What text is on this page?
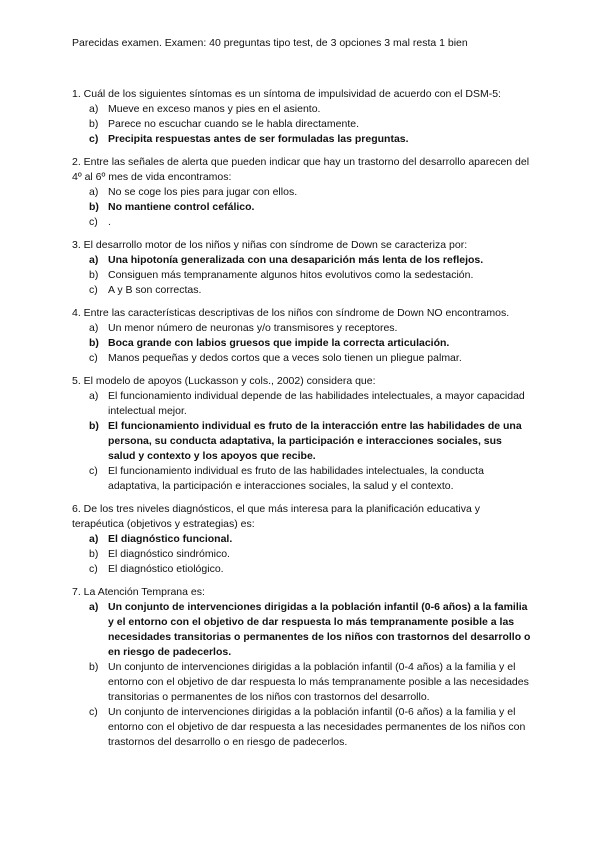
Parecidas examen. Examen: 40 preguntas tipo test, de 3 opciones 3 mal resta 1 bien

1. Cuál de los siguientes síntomas es un síntoma de impulsividad de acuerdo con el DSM-5:

a) Mueve en exceso manos y pies en el asiento.
b) Parece no escuchar cuando se le habla directamente.
c) Precipita respuestas antes de ser formuladas las preguntas.

2. Entre las señales de alerta que pueden indicar que hay un trastorno del desarrollo aparecen del 4º al 6º mes de vida encontramos:

a) No se coge los pies para jugar con ellos.
b) No mantiene control cefálico.
c) .

3. El desarrollo motor de los niños y niñas con síndrome de Down se caracteriza por:

a) Una hipotonía generalizada con una desaparición más lenta de los reflejos.
b) Consiguen más tempranamente algunos hitos evolutivos como la sedestación.
c) A y B son correctas.

4. Entre las características descriptivas de los niños con síndrome de Down NO encontramos.

a) Un menor número de neuronas y/o transmisores y receptores.
b) Boca grande con labios gruesos que impide la correcta articulación.
c) Manos pequeñas y dedos cortos que a veces solo tienen un pliegue palmar.

5. El modelo de apoyos (Luckasson y cols., 2002) considera que:

a) El funcionamiento individual depende de las habilidades intelectuales, a mayor capacidad intelectual mejor.
b) El funcionamiento individual es fruto de la interacción entre las habilidades de una persona, su conducta adaptativa, la participación e interacciones sociales, sus salud y contexto y los apoyos que recibe.
c) El funcionamiento individual es fruto de las habilidades intelectuales, la conducta adaptativa, la participación e interacciones sociales, la salud y el contexto.

6. De los tres niveles diagnósticos, el que más interesa para la planificación educativa y terapéutica (objetivos y estrategias) es:

a) El diagnóstico funcional.
b) El diagnóstico sindrómico.
c) El diagnóstico etiológico.

7. La Atención Temprana es:

a) Un conjunto de intervenciones dirigidas a la población infantil (0-6 años) a la familia y el entorno con el objetivo de dar respuesta lo más tempranamente posible a las necesidades transitorias o permanentes de los niños con trastornos del desarrollo o en riesgo de padecerlos.
b) Un conjunto de intervenciones dirigidas a la población infantil (0-4 años) a la familia y el entorno con el objetivo de dar respuesta lo más tempranamente posible a las necesidades transitorias o permanentes de los niños con trastornos del desarrollo.
c) Un conjunto de intervenciones dirigidas a la población infantil (0-6 años) a la familia y el entorno con el objetivo de dar respuesta a las necesidades permanentes de los niños con trastornos del desarrollo o en riesgo de padecerlos.
